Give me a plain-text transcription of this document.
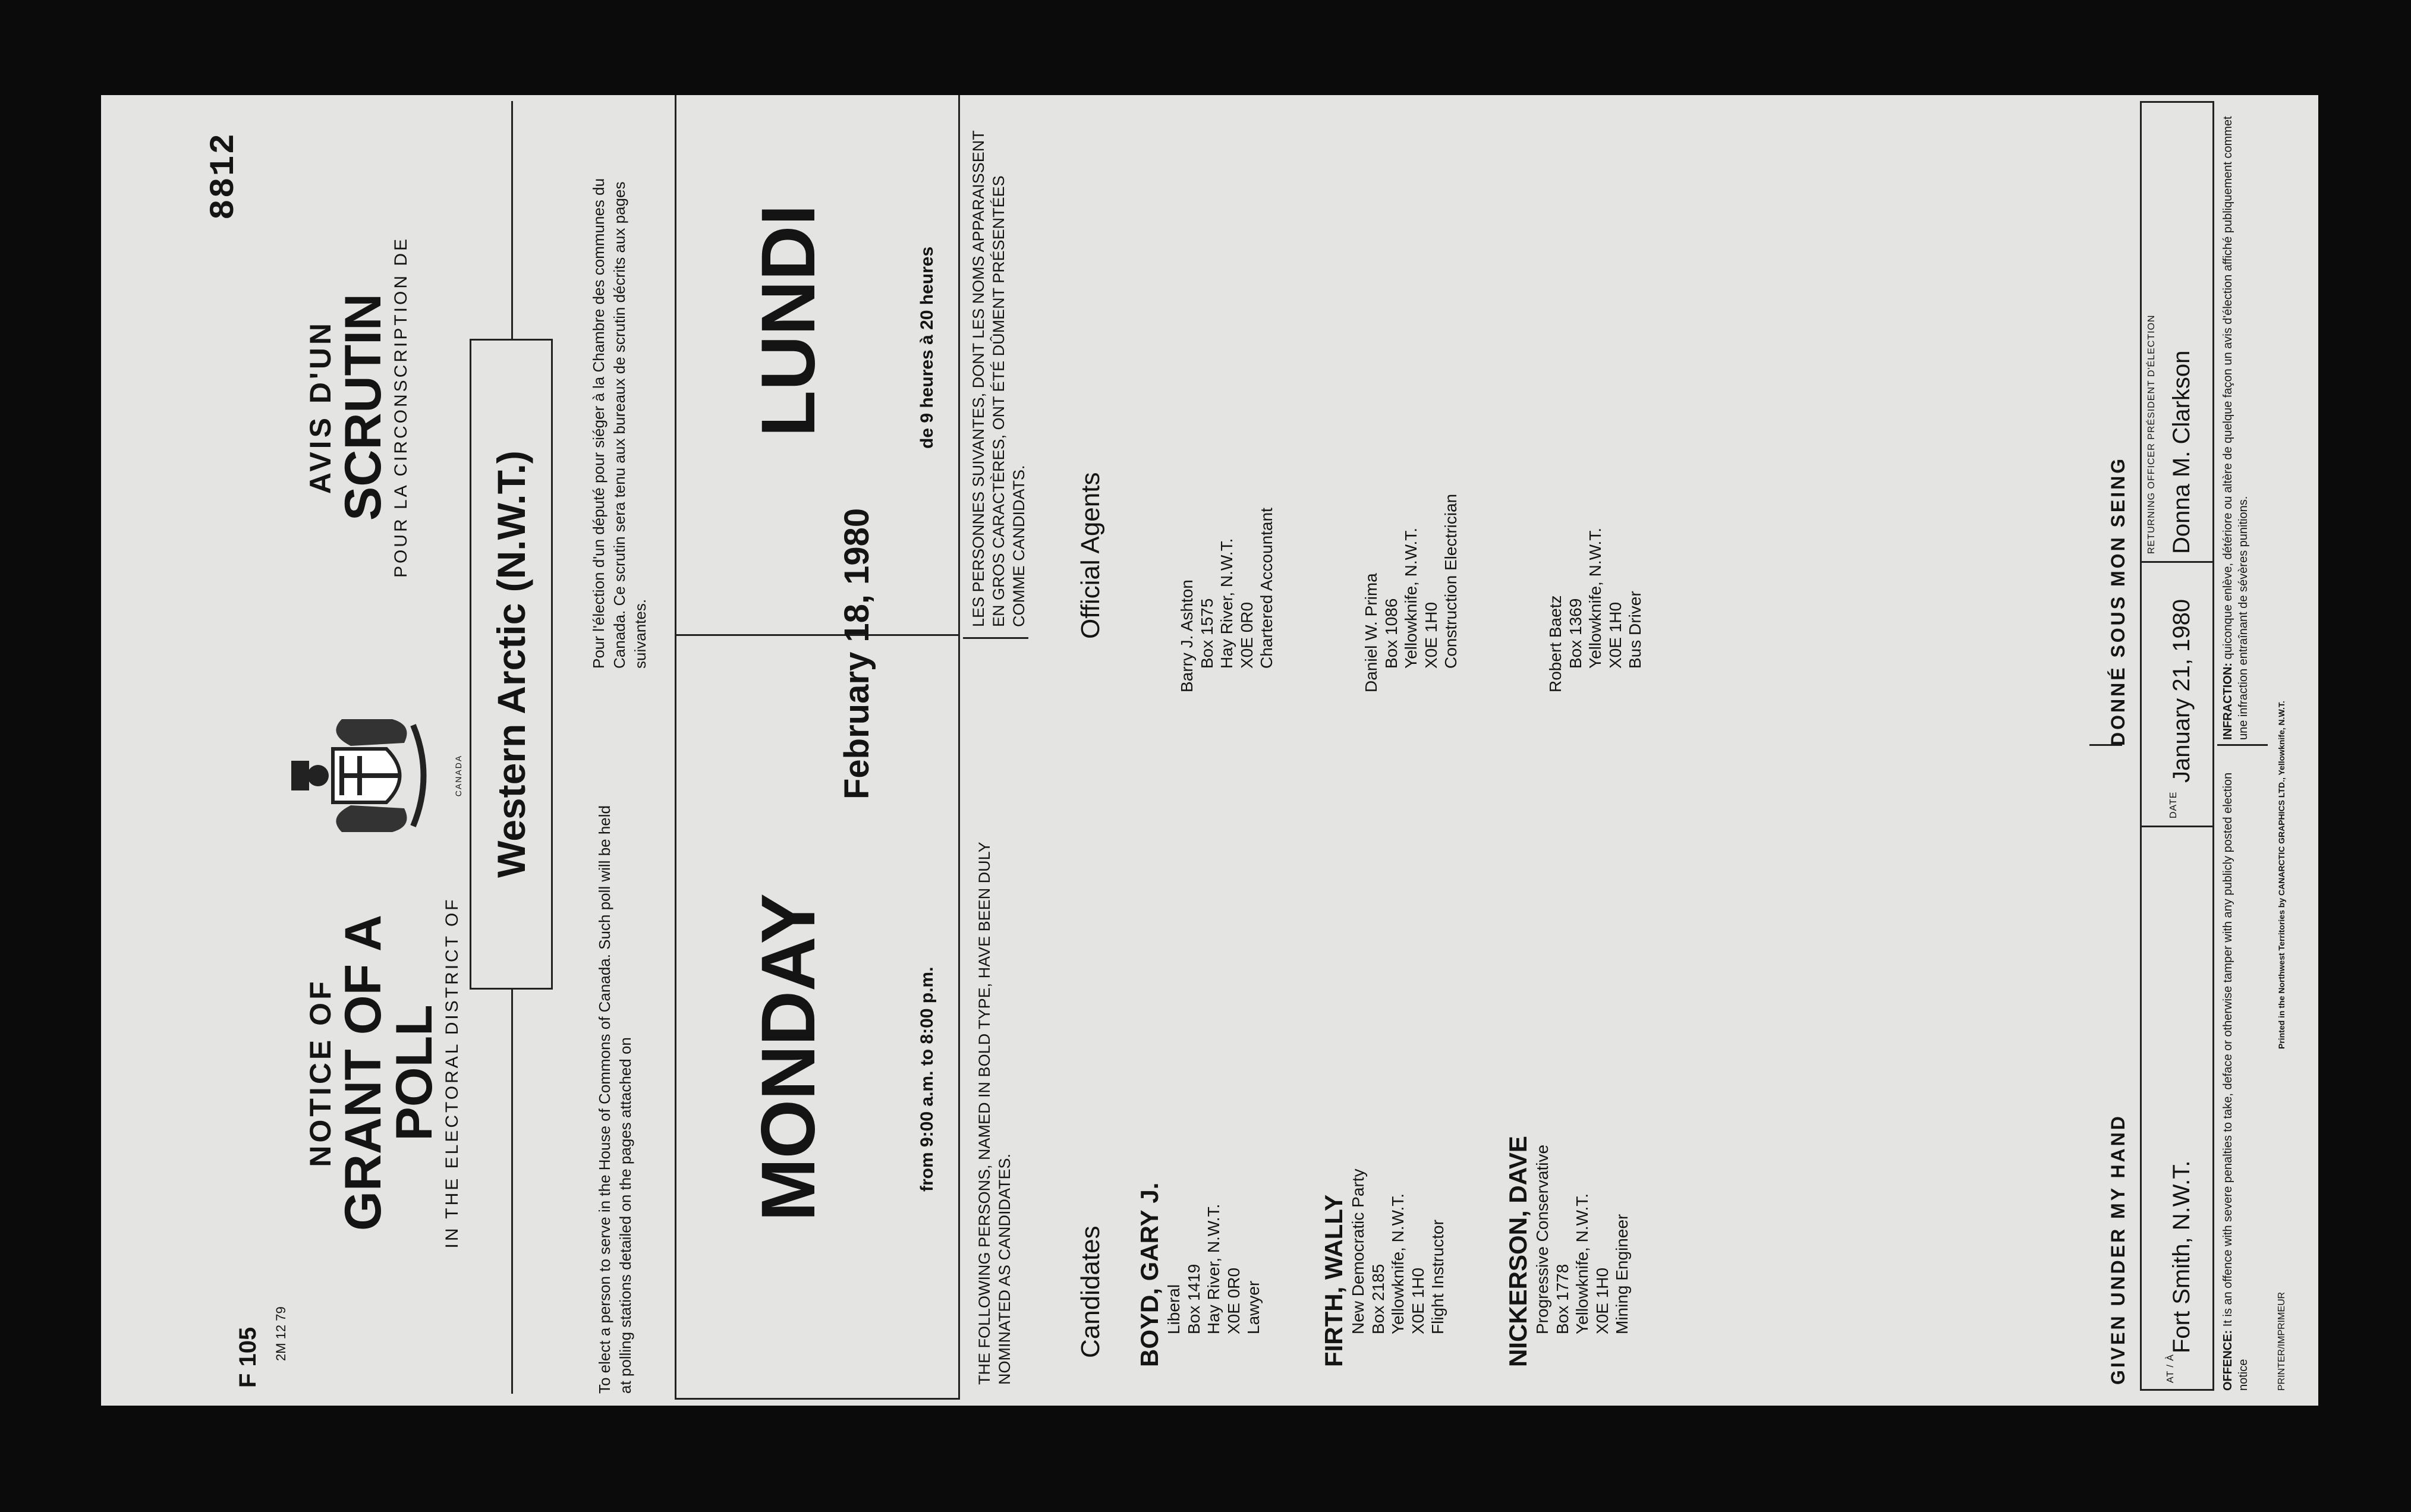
F 105 2M 12 79
8812
NOTICE OF
GRANT OF A POLL IN THE ELECTORAL DISTRICT OF
CANADA
AVIS D'UN
SCRUTIN POUR LA CIRCONSCRIPTION DE
Western Arctic (N.W.T.)
To elect a person to serve in the House of Commons of Canada. Such poll will be held at polling stations detailed on the pages attached on
Pour l'élection d'un député pour siéger à la Chambre des communes du Canada. Ce scrutin sera tenu aux bureaux de scrutin décrits aux pages suivantes.
MONDAY
LUNDI
February 18, 1980
from 9:00 a.m. to 8:00 p.m.
de 9 heures à 20 heures
THE FOLLOWING PERSONS, NAMED IN BOLD TYPE, HAVE BEEN DULY NOMINATED AS CANDIDATES.
LES PERSONNES SUIVANTES, DONT LES NOMS APPARAISSENT EN GROS CARACTÈRES, ONT ÉTÉ DÛMENT PRÉSENTÉES COMME CANDIDATS.
Candidates
Official Agents
BOYD, GARY J. Liberal Box 1419 Hay River, N.W.T. X0E 0R0 Lawyer
Barry J. Ashton Box 1575 Hay River, N.W.T. X0E 0R0 Chartered Accountant
FIRTH, WALLY New Democratic Party Box 2185 Yellowknife, N.W.T. X0E 1H0 Flight Instructor
Daniel W. Prima Box 1086 Yellowknife, N.W.T. X0E 1H0 Construction Electrician
NICKERSON, DAVE Progressive Conservative Box 1778 Yellowknife, N.W.T. X0E 1H0 Mining Engineer
Robert Baetz Box 1369 Yellowknife, N.W.T. X0E 1H0 Bus Driver
GIVEN UNDER MY HAND
DONNÉ SOUS MON SEING
AT / À
Fort Smith, N.W.T.
DATE
January 21, 1980
RETURNING OFFICER PRÉSIDENT D'ÉLECTION Donna M. Clarkson
OFFENCE: It is an offence with severe penalties to take, deface or otherwise tamper with any publicly posted election notice
INFRACTION: quiconque enlève, détériore ou altère de quelque façon un avis d'élection affiché publiquement commet une infraction entraînant de sévères punitions.
PRINTER/IMPRIMEUR
Printed in the Northwest Territories by CANARCTIC GRAPHICS LTD., Yellowknife, N.W.T.
